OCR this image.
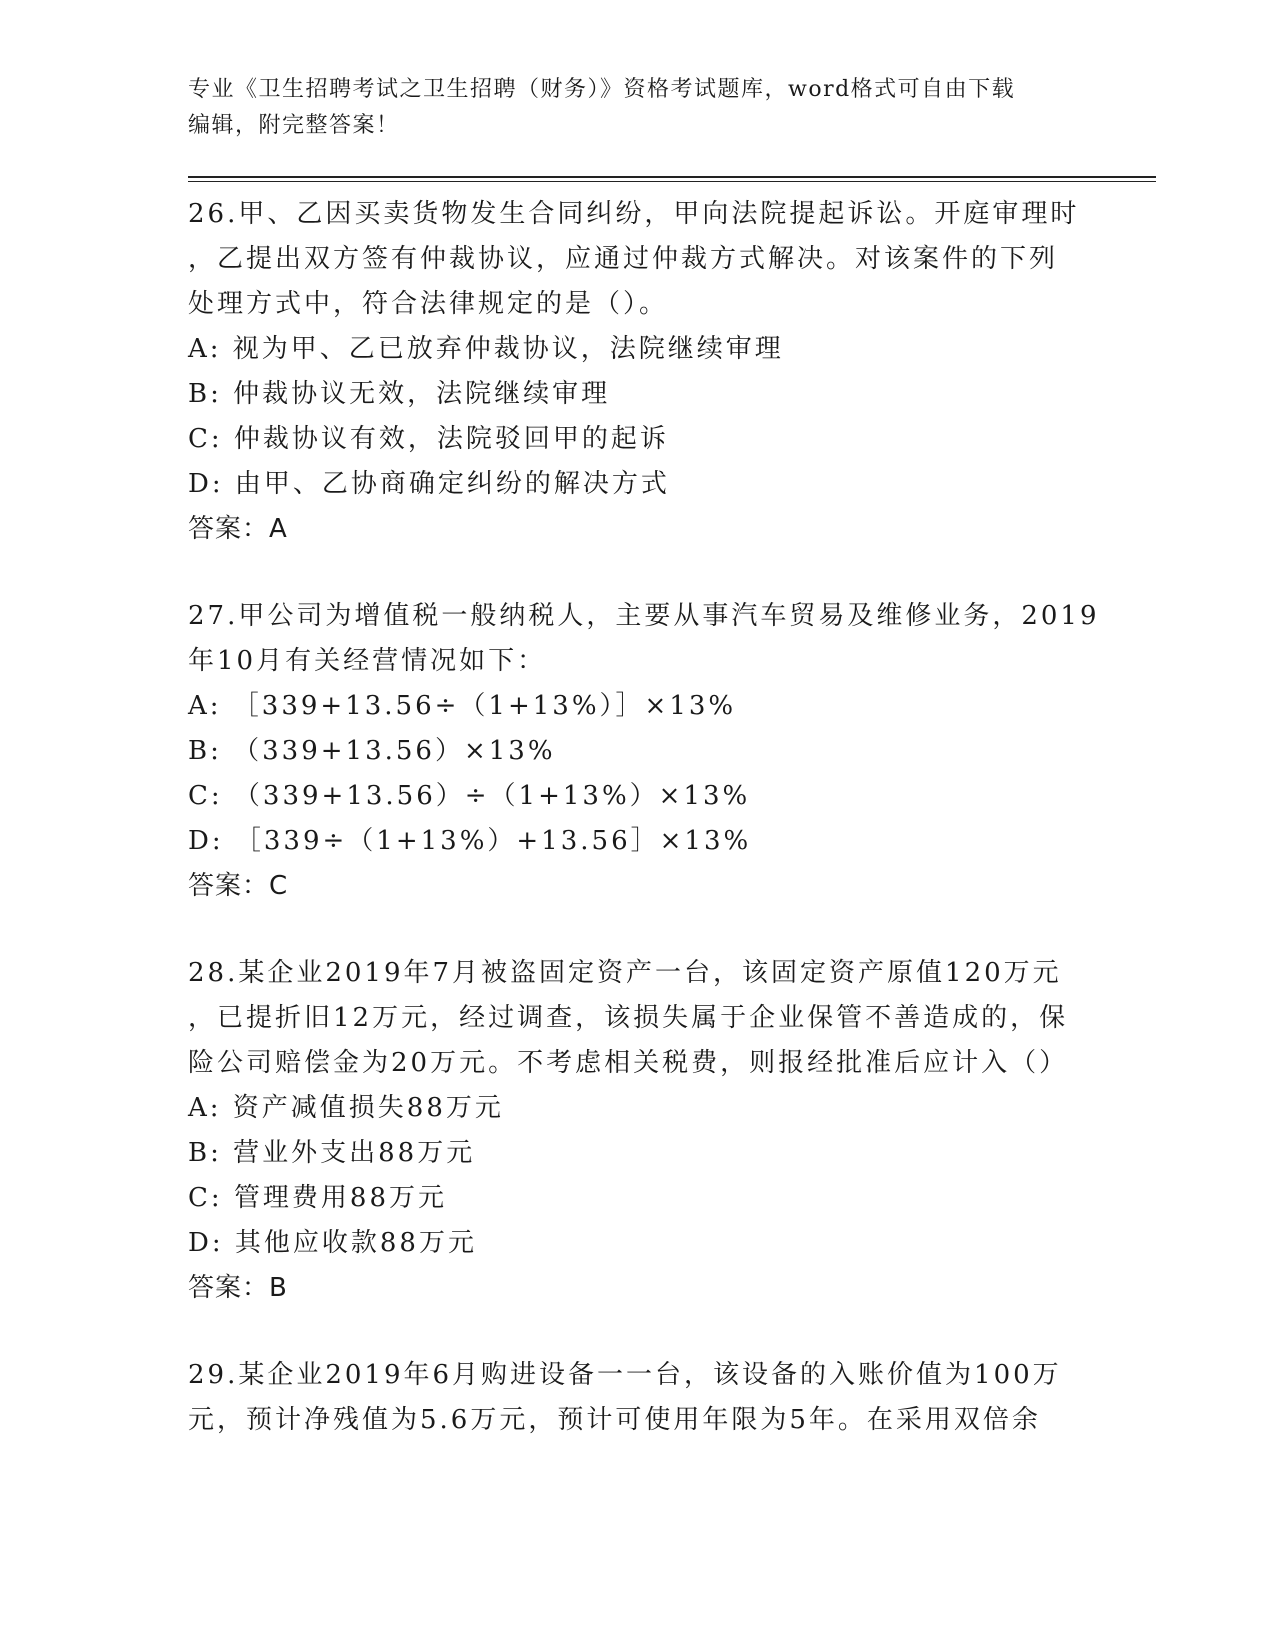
专业《卫生招聘考试之卫生招聘（财务）》资格考试题库，word格式可自由下载
编辑，附完整答案！
26.甲、乙因买卖货物发生合同纠纷，甲向法院提起诉讼。开庭审理时
，乙提出双方签有仲裁协议，应通过仲裁方式解决。对该案件的下列
处理方式中，符合法律规定的是（）。
A: 视为甲、乙已放弃仲裁协议，法院继续审理
B: 仲裁协议无效，法院继续审理
C: 仲裁协议有效，法院驳回甲的起诉
D: 由甲、乙协商确定纠纷的解决方式
答案：A
27.甲公司为增值税一般纳税人，主要从事汽车贸易及维修业务，2019
年10月有关经营情况如下：
A: ［339+13.56÷（1+13%）］×13%
B: （339+13.56）×13%
C: （339+13.56）÷（1+13%）×13%
D: ［339÷（1+13%）+13.56］×13%
答案：C
28.某企业2019年7月被盗固定资产一台，该固定资产原值120万元
，已提折旧12万元，经过调查，该损失属于企业保管不善造成的，保
险公司赔偿金为20万元。不考虑相关税费，则报经批准后应计入（）
A: 资产减值损失88万元
B: 营业外支出88万元
C: 管理费用88万元
D: 其他应收款88万元
答案：B
29.某企业2019年6月购进设备一一台，该设备的入账价值为100万
元，预计净残值为5.6万元，预计可使用年限为5年。在采用双倍余
